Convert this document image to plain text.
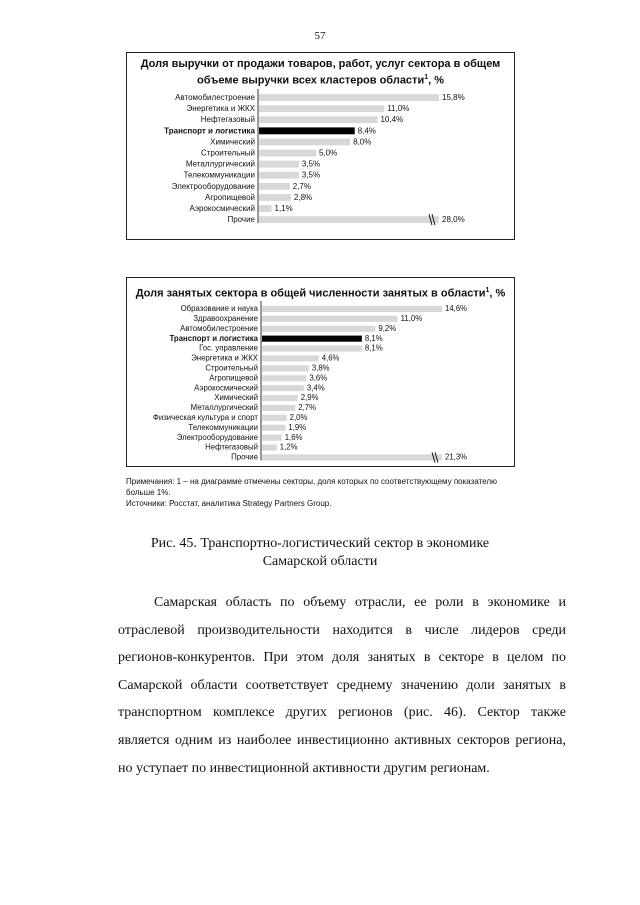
57
Доля выручки от продажи товаров, работ, услуг сектора в общем объеме выручки всех кластеров области$^1$, %
Автомобилестроение	15,8%
Энергетика и ЖКХ	11,0%
Нефтегазовый	10,4%
Транспорт и логистика	8,4%
Химический	8,0%
Строительный	5,0%
Металлургический	3,5%
Телекоммуникации	3,5%
Электрооборудование	2,7%
Агропищевой	2,8%
Аэрокосмический 1,1%
Прочие	28,0%
Доля занятых сектора в общей численности занятых в области$^1$, %
Образование и наука	14,6%
Здравоохранение	11,0%
Автомобилестроение	9,2%
Транспорт и логистика	8,1%
Гос. управление	8,1%
Энергетика и ЖКХ	4,6%
Строительный	3,8%
Агропищевой	3,6%
Аэрокосмический	3,4%
Химический	2,9%
Металлургический	2,7%
Физическая культура и спорт	2,0%
Телекоммуникации	1,9%
Электрооборудование	1,6%
Нефтегазовый	1,2%
Прочие	21,3%
Примечания: 1 – на диаграмме отмечены секторы, доля которых по соответствующему показателю больше 1%.
Источники: Росстат, аналитика Strategy Partners Group.
Рис. 45. Транспортно-логистический сектор в экономике
Самарской области
Самарская область по объему отрасли, ее роли в экономике и отраслевой производительности находится в числе лидеров среди регионов-конкурентов. При этом доля занятых в секторе в целом по Самарской области соответствует среднему значению доли занятых в транспортном комплексе других регионов (рис. 46). Сектор также является одним из наиболее инвестиционно активных секторов региона, но уступает по инвестиционной активности другим регионам.
